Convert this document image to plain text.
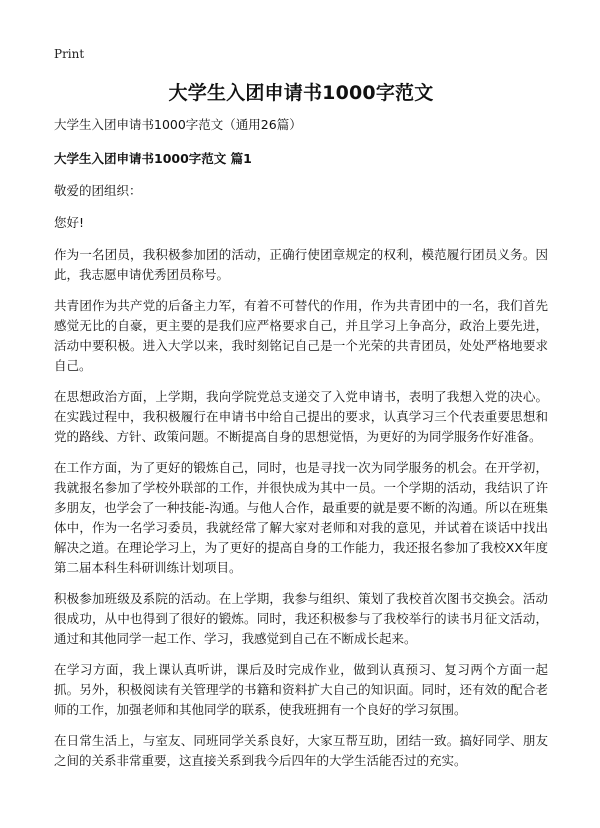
Print
大学生入团申请书1000字范文
大学生入团申请书1000字范文（通用26篇）
大学生入团申请书1000字范文 篇1
敬爱的团组织：
您好!
作为一名团员，我积极参加团的活动，正确行使团章规定的权利，模范履行团员义务。因此，我志愿申请优秀团员称号。
共青团作为共产党的后备主力军，有着不可替代的作用，作为共青团中的一名，我们首先感觉无比的自豪，更主要的是我们应严格要求自己，并且学习上争高分，政治上要先进，活动中要积极。进入大学以来，我时刻铭记自己是一个光荣的共青团员，处处严格地要求自己。
在思想政治方面，上学期，我向学院党总支递交了入党申请书，表明了我想入党的决心。在实践过程中，我积极履行在申请书中给自己提出的要求，认真学习三个代表重要思想和党的路线、方针、政策问题。不断提高自身的思想觉悟，为更好的为同学服务作好准备。
在工作方面，为了更好的锻炼自己，同时，也是寻找一次为同学服务的机会。在开学初，我就报名参加了学校外联部的工作，并很快成为其中一员。一个学期的活动，我结识了许多朋友，也学会了一种技能-沟通。与他人合作，最重要的就是要不断的沟通。所以在班集体中，作为一名学习委员，我就经常了解大家对老师和对我的意见，并试着在谈话中找出解决之道。在理论学习上，为了更好的提高自身的工作能力，我还报名参加了我校XX年度第二届本科生科研训练计划项目。
积极参加班级及系院的活动。在上学期，我参与组织、策划了我校首次图书交换会。活动很成功，从中也得到了很好的锻炼。同时，我还积极参与了我校举行的读书月征文活动，通过和其他同学一起工作、学习，我感觉到自己在不断成长起来。
在学习方面，我上课认真听讲，课后及时完成作业，做到认真预习、复习两个方面一起抓。另外，积极阅读有关管理学的书籍和资料扩大自己的知识面。同时，还有效的配合老师的工作，加强老师和其他同学的联系，使我班拥有一个良好的学习氛围。
在日常生活上，与室友、同班同学关系良好，大家互帮互助，团结一致。搞好同学、朋友之间的关系非常重要，这直接关系到我今后四年的大学生活能否过的充实。
